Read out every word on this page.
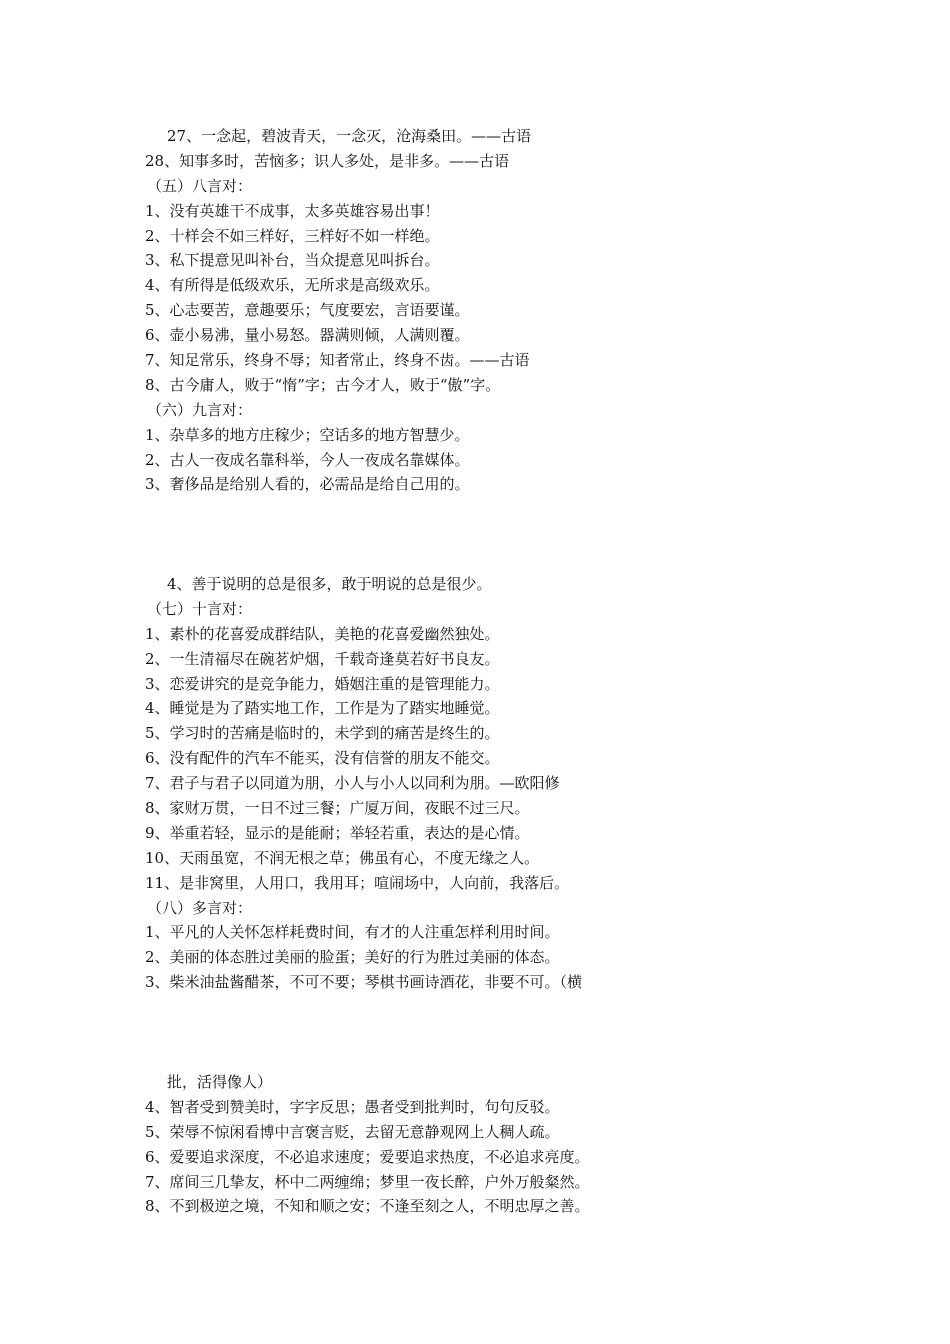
27、一念起，碧波青天，一念灭，沧海桑田。——古语
28、知事多时，苦恼多；识人多处，是非多。——古语
（五）八言对：
1、没有英雄干不成事，太多英雄容易出事！
2、十样会不如三样好，三样好不如一样绝。
3、私下提意见叫补台，当众提意见叫拆台。
4、有所得是低级欢乐，无所求是高级欢乐。
5、心志要苦，意趣要乐；气度要宏，言语要谨。
6、壶小易沸，量小易怒。器满则倾，人满则覆。
7、知足常乐，终身不辱；知者常止，终身不齿。——古语
8、古今庸人，败于“惰”字；古今才人，败于“傲”字。
（六）九言对：
1、杂草多的地方庄稼少；空话多的地方智慧少。
2、古人一夜成名靠科举，今人一夜成名靠媒体。
3、奢侈品是给别人看的，必需品是给自己用的。
4、善于说明的总是很多，敢于明说的总是很少。
（七）十言对：
1、素朴的花喜爱成群结队，美艳的花喜爱幽然独处。
2、一生清福尽在碗茗炉烟，千载奇逢莫若好书良友。
3、恋爱讲究的是竞争能力，婚姻注重的是管理能力。
4、睡觉是为了踏实地工作，工作是为了踏实地睡觉。
5、学习时的苦痛是临时的，未学到的痛苦是终生的。
6、没有配件的汽车不能买，没有信誉的朋友不能交。
7、君子与君子以同道为朋，小人与小人以同利为朋。—欧阳修
8、家财万贯，一日不过三餐；广厦万间，夜眠不过三尺。
9、举重若轻，显示的是能耐；举轻若重，表达的是心情。
10、天雨虽宽，不润无根之草；佛虽有心，不度无缘之人。
11、是非窝里，人用口，我用耳；喧闹场中，人向前，我落后。
（八）多言对：
1、平凡的人关怀怎样耗费时间，有才的人注重怎样利用时间。
2、美丽的体态胜过美丽的脸蛋；美好的行为胜过美丽的体态。
3、柴米油盐酱醋茶，不可不要；琴棋书画诗酒花，非要不可。（横
批，活得像人）
4、智者受到赞美时，字字反思；愚者受到批判时，句句反驳。
5、荣辱不惊闲看博中言褒言贬，去留无意静观网上人稠人疏。
6、爱要追求深度，不必追求速度；爱要追求热度，不必追求亮度。
7、席间三几挚友，杯中二两缠绵；梦里一夜长醉，户外万般粲然。
8、不到极逆之境，不知和顺之安；不逢至刻之人，不明忠厚之善。
